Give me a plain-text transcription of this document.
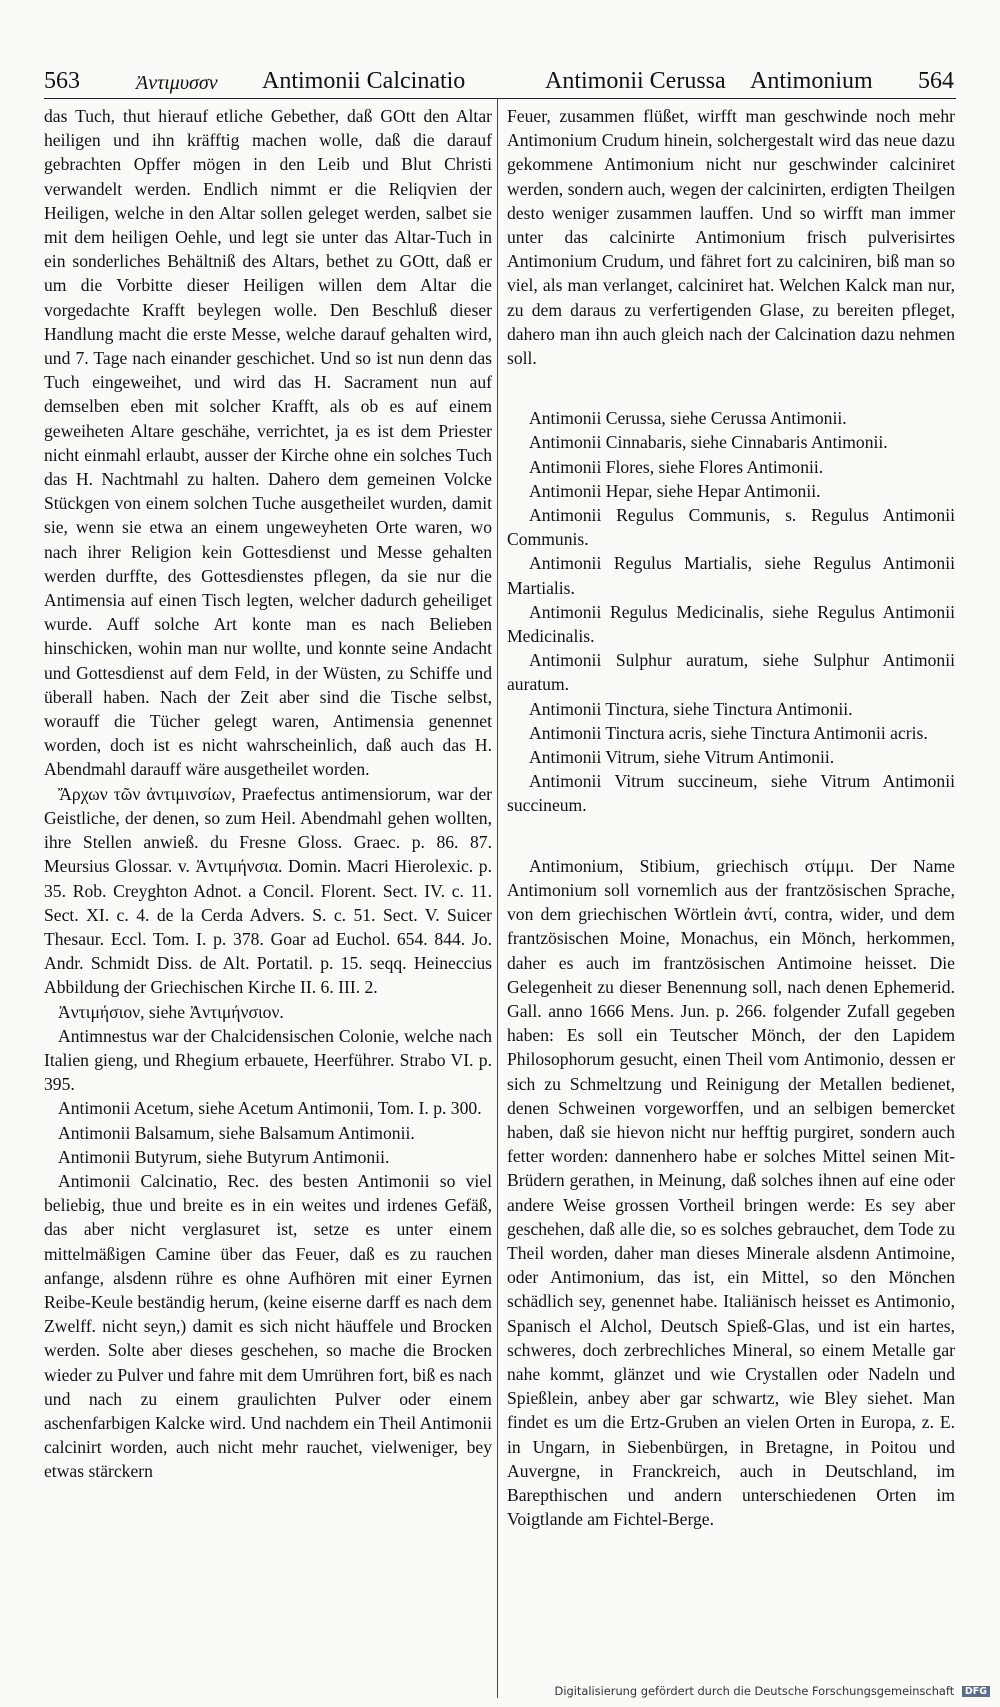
563	Ἀντιμυσσν Antimonii Calcinatio	Antimonii Cerussa Antimonium 564

das Tuch, thut hierauf etliche Gebether, daß GOtt den Altar heiligen und ihn kräfftig machen wolle, daß die darauf gebrachten Opffer mögen in den Leib und Blut Christi verwandelt werden. Endlich nimmt er die Reliqvien der Heiligen, welche in den Altar sollen geleget werden, salbet sie mit dem heiligen Oehle, und legt sie unter das Altar-Tuch in ein sonderliches Behältniß des Altars, bethet zu GOtt, daß er um die Vorbitte dieser Heiligen willen dem Altar die vorgedachte Krafft beylegen wolle. Den Beschluß dieser Handlung macht die erste Messe, welche darauf gehalten wird, und 7. Tage nach einander geschichet. Und so ist nun denn das Tuch eingeweihet, und wird das H. Sacrament nun auf demselben eben mit solcher Krafft, als ob es auf einem geweiheten Altare geschähe, verrichtet, ja es ist dem Priester nicht einmahl erlaubt, ausser der Kirche ohne ein solches Tuch das H. Nachtmahl zu halten. Dahero dem gemeinen Volcke Stückgen von einem solchen Tuche ausgetheilet wurden, damit sie, wenn sie etwa an einem ungeweyheten Orte waren, wo nach ihrer Religion kein Gottesdienst und Messe gehalten werden durffte, des Gottesdienstes pflegen, da sie nur die Antimensia auf einen Tisch legten, welcher dadurch geheiliget wurde. Auff solche Art konte man es nach Belieben hinschicken, wohin man nur wollte, und konnte seine Andacht und Gottesdienst auf dem Feld, in der Wüsten, zu Schiffe und überall haben. Nach der Zeit aber sind die Tische selbst, worauff die Tücher gelegt waren, Antimensia genennet worden, doch ist es nicht wahrscheinlich, daß auch das H. Abendmahl darauff wäre ausgetheilet worden.

Ἄρχων τῶν ἀντιμινσίων, Praefectus antimensiorum, war der Geistliche, der denen, so zum Heil. Abendmahl gehen wollten, ihre Stellen anwieß. du Fresne Gloss. Graec. p. 86. 87. Meursius Glossar. v. Ἀντιμήνσια. Domin. Macri Hierolexic. p. 35. Rob. Creyghton Adnot. a Concil. Florent. Sect. IV. c. 11. Sect. XI. c. 4. de la Cerda Advers. S. c. 51. Sect. V. Suicer Thesaur. Eccl. Tom. I. p. 378. Goar ad Euchol. 654. 844. Jo. Andr. Schmidt Diss. de Alt. Portatil. p. 15. seqq. Heineccius Abbildung der Griechischen Kirche II. 6. III. 2.

Ἀντιμήσιον, siehe Ἀντιμήνσιον.

Antimnestus war der Chalcidensischen Colonie, welche nach Italien gieng, und Rhegium erbauete, Heerführer. Strabo VI. p. 395.

Antimonii Acetum, siehe Acetum Antimonii, Tom. I. p. 300.

Antimonii Balsamum, siehe Balsamum Antimonii.

Antimonii Butyrum, siehe Butyrum Antimonii.

Antimonii Calcinatio, Rec. des besten Antimonii so viel beliebig, thue und breite es in ein weites und irdenes Gefäß, das aber nicht verglasuret ist, setze es unter einem mittelmäßigen Camine über das Feuer, daß es zu rauchen anfange, alsdenn rühre es ohne Aufhören mit einer Eyrnen Reibe-Keule beständig herum, (keine eiserne darff es nach dem Zwelff. nicht seyn,) damit es sich nicht häuffele und Brocken werden. Solte aber dieses geschehen, so mache die Brocken wieder zu Pulver und fahre mit dem Umrühren fort, biß es nach und nach zu einem graulichten Pulver oder einem aschenfarbigen Kalcke wird. Und nachdem ein Theil Antimonii calcinirt worden, auch nicht mehr rauchet, vielweniger, bey etwas stärckern

Feuer, zusammen flüßet, wirfft man geschwinde noch mehr Antimonium Crudum hinein, solchergestalt wird das neue dazu gekommene Antimonium nicht nur geschwinder calciniret werden, sondern auch, wegen der calcinirten, erdigten Theilgen desto weniger zusammen lauffen. Und so wirfft man immer unter das calcinirte Antimonium frisch pulverisirtes Antimonium Crudum, und fähret fort zu calciniren, biß man so viel, als man verlanget, calciniret hat. Welchen Kalck man nur, zu dem daraus zu verfertigenden Glase, zu bereiten pfleget, dahero man ihn auch gleich nach der Calcination dazu nehmen soll.

Antimonii Cerussa, siehe Cerussa Antimonii.

Antimonii Cinnabaris, siehe Cinnabaris Antimonii.

Antimonii Flores, siehe Flores Antimonii.

Antimonii Hepar, siehe Hepar Antimonii.

Antimonii Regulus Communis, s. Regulus Antimonii Communis.

Antimonii Regulus Martialis, siehe Regulus Antimonii Martialis.

Antimonii Regulus Medicinalis, siehe Regulus Antimonii Medicinalis.

Antimonii Sulphur auratum, siehe Sulphur Antimonii auratum.

Antimonii Tinctura, siehe Tinctura Antimonii.

Antimonii Tinctura acris, siehe Tinctura Antimonii acris.

Antimonii Vitrum, siehe Vitrum Antimonii.

Antimonii Vitrum succineum, siehe Vitrum Antimonii succineum.

Antimonium, Stibium, griechisch στίμμι. Der Name Antimonium soll vornemlich aus der frantzösischen Sprache, von dem griechischen Wörtlein ἀντί, contra, wider, und dem frantzösischen Moine, Monachus, ein Mönch, herkommen, daher es auch im frantzösischen Antimoine heisset. Die Gelegenheit zu dieser Benennung soll, nach denen Ephemerid. Gall. anno 1666 Mens. Jun. p. 266. folgender Zufall gegeben haben: Es soll ein Teutscher Mönch, der den Lapidem Philosophorum gesucht, einen Theil vom Antimonio, dessen er sich zu Schmeltzung und Reinigung der Metallen bedienet, denen Schweinen vorgeworffen, und an selbigen bemercket haben, daß sie hievon nicht nur hefftig purgiret, sondern auch fetter worden: dannenhero habe er solches Mittel seinen Mit-Brüdern gerathen, in Meinung, daß solches ihnen auf eine oder andere Weise grossen Vortheil bringen werde: Es sey aber geschehen, daß alle die, so es solches gebrauchet, dem Tode zu Theil worden, daher man dieses Minerale alsdenn Antimoine, oder Antimonium, das ist, ein Mittel, so den Mönchen schädlich sey, genennet habe. Italiänisch heisset es Antimonio, Spanisch el Alchol, Deutsch Spieß-Glas, und ist ein hartes, schweres, doch zerbrechliches Mineral, so einem Metalle gar nahe kommt, glänzet und wie Crystallen oder Nadeln und Spießlein, anbey aber gar schwartz, wie Bley siehet. Man findet es um die Ertz-Gruben an vielen Orten in Europa, z. E. in Ungarn, in Siebenbürgen, in Bretagne, in Poitou und Auvergne, in Franckreich, auch in Deutschland, im Barepthischen und andern unterschiedenen Orten im Voigtlande am Fichtel-Berge.

Digitalisierung gefördert durch die Deutsche Forschungsgemeinschaft DFG
